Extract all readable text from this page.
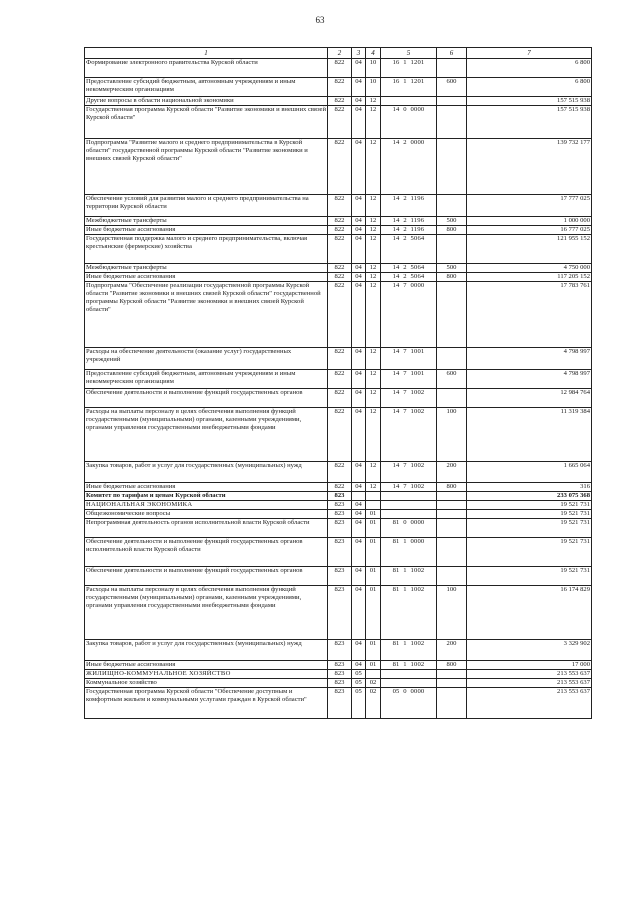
63
1	2	3	4	5	6	7
Формирование электронного правительства Курской области	822	04	10	16  1  1201		6 800
Предоставление субсидий бюджетным, автономным учреждениям и иным некоммерческим организациям	822	04	10	16  1  1201	600	6 800
Другие вопросы в области национальной экономики	822	04	12			157 515 938
Государственная программа Курской области "Развитие экономики и внешних связей Курской области"	822	04	12	14  0  0000		157 515 938
Подпрограмма "Развитие малого и среднего предпринимательства в Курской области" государственной программы Курской области "Развитие экономики и внешних связей Курской области"	822	04	12	14  2  0000		139 732 177
Обеспечение условий для развития малого и среднего предпринимательства на территории Курской области	822	04	12	14  2  1196		17 777 025
Межбюджетные трансферты	822	04	12	14  2  1196	500	1 000 000
Иные бюджетные ассигнования	822	04	12	14  2  1196	800	16 777 025
Государственная поддержка малого и среднего предпринимательства, включая крестьянские (фермерские) хозяйства	822	04	12	14  2  5064		121 955 152
Межбюджетные трансферты	822	04	12	14  2  5064	500	4 750 000
Иные бюджетные ассигнования	822	04	12	14  2  5064	800	117 205 152
Подпрограмма "Обеспечение реализации государственной программы Курской области "Развитие экономики и внешних связей Курской области" государственной программы Курской области "Развитие экономики и внешних связей Курской области"	822	04	12	14  7  0000		17 783 761
Расходы на обеспечение деятельности (оказание услуг) государственных учреждений	822	04	12	14  7  1001		4 798 997
Предоставление субсидий бюджетным, автономным учреждениям и иным некоммерческим организациям	822	04	12	14  7  1001	600	4 798 997
Обеспечение деятельности и выполнение функций государственных органов	822	04	12	14  7  1002		12 984 764
Расходы на выплаты персоналу в целях обеспечения выполнения функций государственными (муниципальными) органами, казенными учреждениями, органами управления государственными внебюджетными фондами	822	04	12	14  7  1002	100	11 319 384
Закупка товаров, работ и услуг для государственных (муниципальных) нужд	822	04	12	14  7  1002	200	1 665 064
Иные бюджетные ассигнования	822	04	12	14  7  1002	800	316
Комитет по тарифам и ценам Курской области	823					233 075 368
НАЦИОНАЛЬНАЯ ЭКОНОМИКА	823	04				19 521 731
Общеэкономические вопросы	823	04	01			19 521 731
Непрограммная деятельность органов исполнительной власти Курской области	823	04	01	81  0  0000		19 521 731
Обеспечение деятельности и выполнение функций государственных органов исполнительной власти Курской области	823	04	01	81  1  0000		19 521 731
Обеспечение деятельности и выполнение функций государственных органов	823	04	01	81  1  1002		19 521 731
Расходы на выплаты персоналу в целях обеспечения выполнения функций государственными (муниципальными) органами, казенными учреждениями, органами управления государственными внебюджетными фондами	823	04	01	81  1  1002	100	16 174 829
Закупка товаров, работ и услуг для государственных (муниципальных) нужд	823	04	01	81  1  1002	200	3 329 902
Иные бюджетные ассигнования	823	04	01	81  1  1002	800	17 000
ЖИЛИЩНО-КОММУНАЛЬНОЕ ХОЗЯЙСТВО	823	05				213 553 637
Коммунальное хозяйство	823	05	02			213 553 637
Государственная программа Курской области "Обеспечение доступным и комфортным жильем и коммунальными услугами граждан в Курской области"	823	05	02	05  0  0000		213 553 637
